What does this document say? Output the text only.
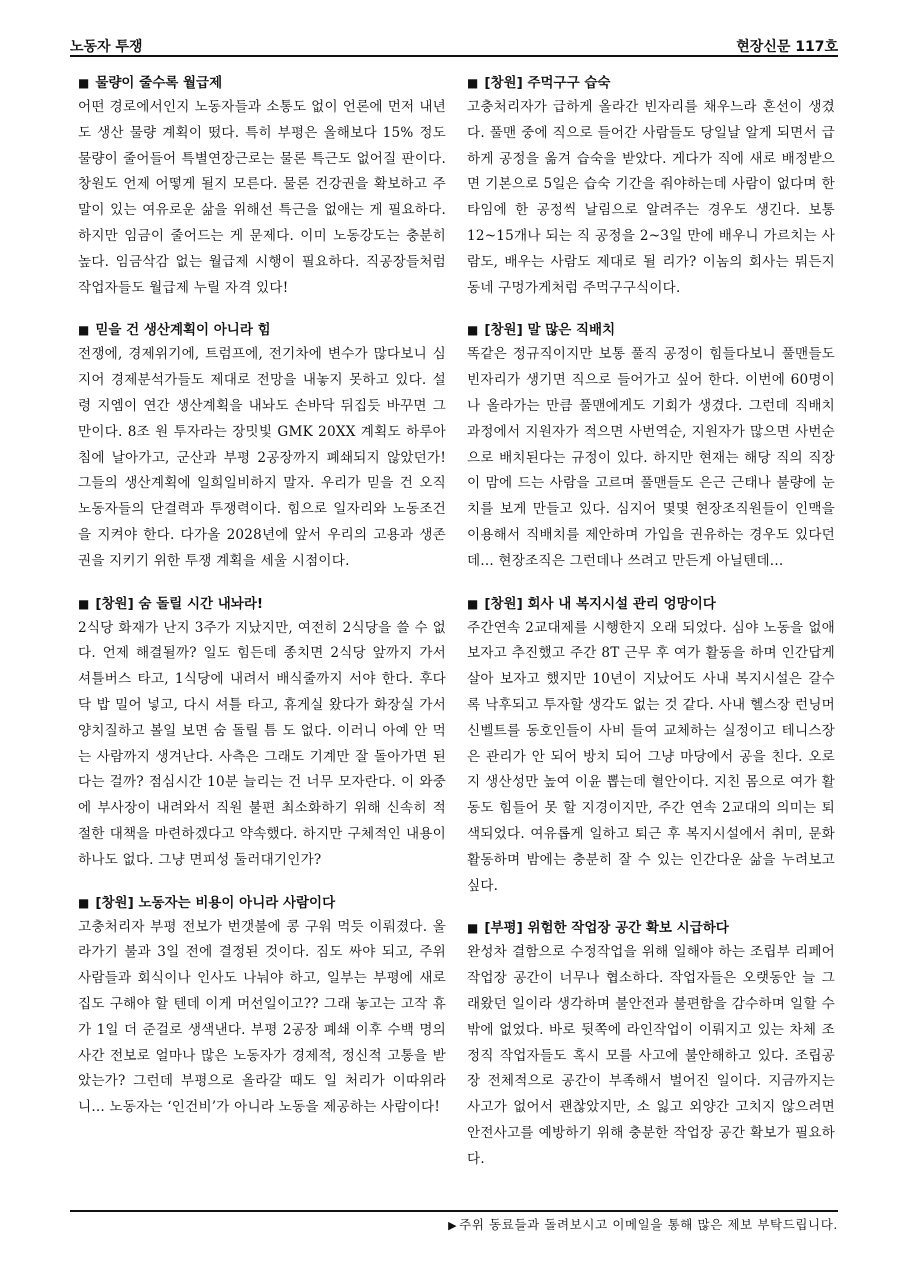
노동자 투쟁	현장신문 117호
■ 물량이 줄수록 월급제
어떤 경로에서인지 노동자들과 소통도 없이 언론에 먼저 내년도 생산 물량 계획이 떴다. 특히 부평은 올해보다 15% 정도 물량이 줄어들어 특별연장근로는 물론 특근도 없어질 판이다. 창원도 언제 어떻게 될지 모른다. 물론 건강권을 확보하고 주말이 있는 여유로운 삶을 위해선 특근을 없애는 게 필요하다. 하지만 임금이 줄어드는 게 문제다. 이미 노동강도는 충분히 높다. 임금삭감 없는 월급제 시행이 필요하다. 직공장들처럼 작업자들도 월급제 누릴 자격 있다!
■ 믿을 건 생산계획이 아니라 힘
전쟁에, 경제위기에, 트럼프에, 전기차에 변수가 많다보니 심지어 경제분석가들도 제대로 전망을 내놓지 못하고 있다. 설령 지엠이 연간 생산계획을 내놔도 손바닥 뒤집듯 바꾸면 그만이다. 8조 원 투자라는 장밋빛 GMK 20XX 계획도 하루아침에 날아가고, 군산과 부평 2공장까지 폐쇄되지 않았던가! 그들의 생산계획에 일희일비하지 말자. 우리가 믿을 건 오직 노동자들의 단결력과 투쟁력이다. 힘으로 일자리와 노동조건을 지켜야 한다. 다가올 2028년에 앞서 우리의 고용과 생존권을 지키기 위한 투쟁 계획을 세울 시점이다.
■ [창원] 숨 돌릴 시간 내놔라!
2식당 화재가 난지 3주가 지났지만, 여전히 2식당을 쓸 수 없다. 언제 해결될까? 일도 힘든데 종치면 2식당 앞까지 가서 셔틀버스 타고, 1식당에 내려서 배식줄까지 서야 한다. 후다닥 밥 밀어 넣고, 다시 셔틀 타고, 휴게실 왔다가 화장실 가서 양치질하고 볼일 보면 숨 돌릴 틈 도 없다. 이러니 아예 안 먹는 사람까지 생겨난다. 사측은 그래도 기계만 잘 돌아가면 된다는 걸까? 점심시간 10분 늘리는 건 너무 모자란다. 이 와중에 부사장이 내려와서 직원 불편 최소화하기 위해 신속히 적절한 대책을 마련하겠다고 약속했다. 하지만 구체적인 내용이 하나도 없다. 그냥 면피성 둘러대기인가?
■ [창원] 노동자는 비용이 아니라 사람이다
고충처리자 부평 전보가 번갯불에 콩 구워 먹듯 이뤄졌다. 올라가기 불과 3일 전에 결정된 것이다. 짐도 싸야 되고, 주위 사람들과 회식이나 인사도 나눠야 하고, 일부는 부평에 새로 집도 구해야 할 텐데 이게 머선일이고?? 그래 놓고는 고작 휴가 1일 더 준걸로 생색낸다. 부평 2공장 폐쇄 이후 수백 명의 사간 전보로 얼마나 많은 노동자가 경제적, 정신적 고통을 받았는가? 그런데 부평으로 올라갈 때도 일 처리가 이따위라니... 노동자는 ‘인건비’가 아니라 노동을 제공하는 사람이다!
■ [창원] 주먹구구 습숙
고충처리자가 급하게 올라간 빈자리를 채우느라 혼선이 생겼다. 풀맨 중에 직으로 들어간 사람들도 당일날 알게 되면서 급하게 공정을 옮겨 습숙을 받았다. 게다가 직에 새로 배정받으면 기본으로 5일은 습숙 기간을 줘야하는데 사람이 없다며 한 타임에 한 공정씩 날림으로 알려주는 경우도 생긴다. 보통 12~15개나 되는 직 공정을 2~3일 만에 배우니 가르치는 사람도, 배우는 사람도 제대로 될 리가? 이놈의 회사는 뭐든지 동네 구멍가게처럼 주먹구구식이다.
■ [창원] 말 많은 직배치
똑같은 정규직이지만 보통 풀직 공정이 힘들다보니 풀맨들도 빈자리가 생기면 직으로 들어가고 싶어 한다. 이번에 60명이나 올라가는 만큼 풀맨에게도 기회가 생겼다. 그런데 직배치 과정에서 지원자가 적으면 사번역순, 지원자가 많으면 사번순으로 배치된다는 규정이 있다. 하지만 현재는 해당 직의 직장이 맘에 드는 사람을 고르며 풀맨들도 은근 근태나 불량에 눈치를 보게 만들고 있다. 심지어 몇몇 현장조직원들이 인맥을 이용해서 직배치를 제안하며 가입을 권유하는 경우도 있다던데... 현장조직은 그런데나 쓰려고 만든게 아닐텐데...
■ [창원] 회사 내 복지시설 관리 엉망이다
주간연속 2교대제를 시행한지 오래 되었다. 심야 노동을 없애보자고 추진했고 주간 8T 근무 후 여가 활동을 하며 인간답게 살아 보자고 했지만 10년이 지났어도 사내 복지시설은 갈수록 낙후되고 투자할 생각도 없는 것 같다. 사내 헬스장 런닝머신벨트를 동호인들이 사비 들여 교체하는 실정이고 테니스장은 관리가 안 되어 방치 되어 그냥 마당에서 공을 친다. 오로지 생산성만 높여 이윤 뽑는데 혈안이다. 지친 몸으로 여가 활동도 힘들어 못 할 지경이지만, 주간 연속 2교대의 의미는 퇴색되었다. 여유롭게 일하고 퇴근 후 복지시설에서 취미, 문화 활동하며 밤에는 충분히 잘 수 있는 인간다운 삶을 누려보고 싶다.
■ [부평] 위험한 작업장 공간 확보 시급하다
완성차 결함으로 수정작업을 위해 일해야 하는 조립부 리페어 작업장 공간이 너무나 협소하다. 작업자들은 오랫동안 늘 그래왔던 일이라 생각하며 불안전과 불편함을 감수하며 일할 수밖에 없었다. 바로 뒷쪽에 라인작업이 이뤄지고 있는 차체 조정직 작업자들도 혹시 모를 사고에 불안해하고 있다. 조립공장 전체적으로 공간이 부족해서 벌어진 일이다. 지금까지는 사고가 없어서 괜찮았지만, 소 잃고 외양간 고치지 않으려면 안전사고를 예방하기 위해 충분한 작업장 공간 확보가 필요하다.
▶ 주위 동료들과 돌려보시고 이메일을 통해 많은 제보 부탁드립니다.
